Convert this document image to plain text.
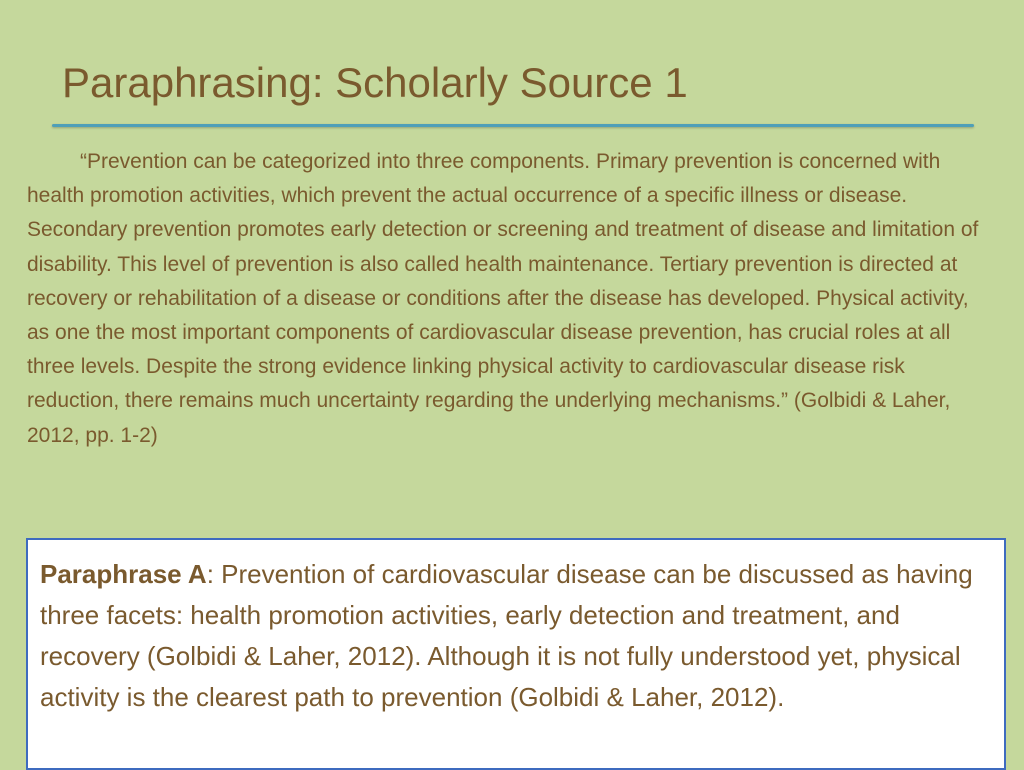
Paraphrasing: Scholarly Source 1

“Prevention can be categorized into three components. Primary prevention is concerned with health promotion activities, which prevent the actual occurrence of a specific illness or disease. Secondary prevention promotes early detection or screening and treatment of disease and limitation of disability. This level of prevention is also called health maintenance. Tertiary prevention is directed at recovery or rehabilitation of a disease or conditions after the disease has developed. Physical activity, as one the most important components of cardiovascular disease prevention, has crucial roles at all three levels. Despite the strong evidence linking physical activity to cardiovascular disease risk reduction, there remains much uncertainty regarding the underlying mechanisms.” (Golbidi & Laher, 2012, pp. 1-2)

Paraphrase A: Prevention of cardiovascular disease can be discussed as having three facets: health promotion activities, early detection and treatment, and recovery (Golbidi & Laher, 2012). Although it is not fully understood yet, physical activity is the clearest path to prevention (Golbidi & Laher, 2012).
